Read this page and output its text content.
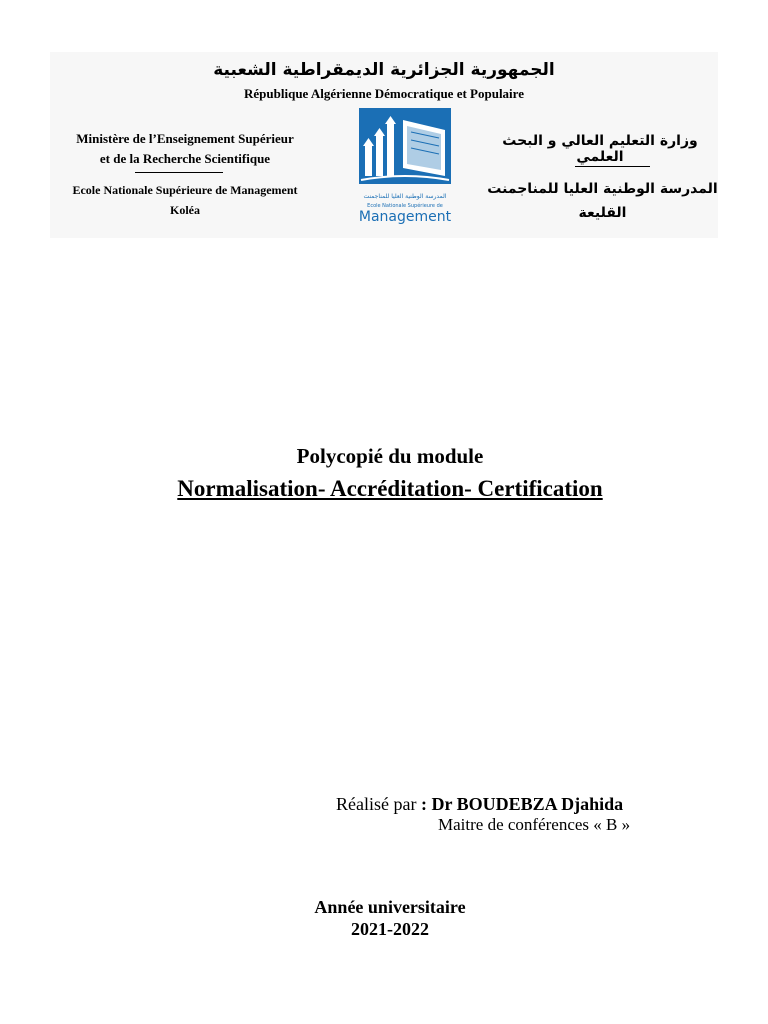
الجمهورية الجزائرية الديمقراطية الشعبية
République Algérienne Démocratique et Populaire
Ministère de l’Enseignement Supérieur
et de la Recherche Scientifique
Ecole Nationale Supérieure de Management
Koléa
المدرسة الوطنية العليا للمناجمنت
Ecole Nationale Supérieure de
Management
وزارة التعليم العالي و البحث العلمي
المدرسة الوطنية العليا للمناجمنت
القليعة
Polycopié du module
Normalisation- Accréditation- Certification
Réalisé par : Dr BOUDEBZA Djahida
Maitre de conférences « B »
Année universitaire
2021-2022
